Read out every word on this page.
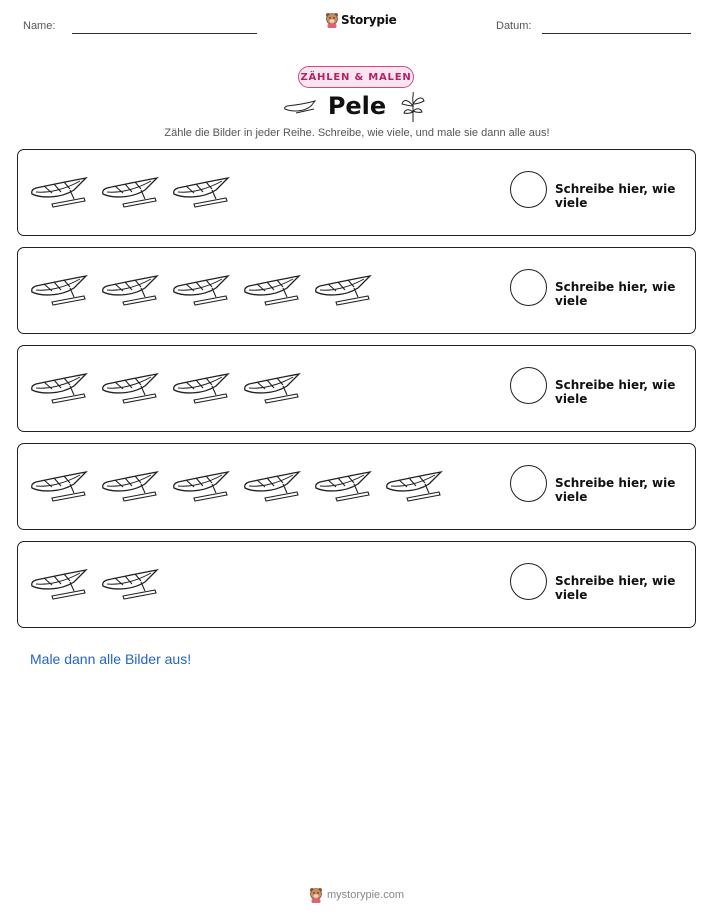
Name:	Storypie	Datum:
ZÄHLEN & MALEN
Pele
Zähle die Bilder in jeder Reihe. Schreibe, wie viele, und male sie dann alle aus!
Schreibe hier, wie viele
Schreibe hier, wie viele
Schreibe hier, wie viele
Schreibe hier, wie viele
Schreibe hier, wie viele
Male dann alle Bilder aus!
mystorypie.com
